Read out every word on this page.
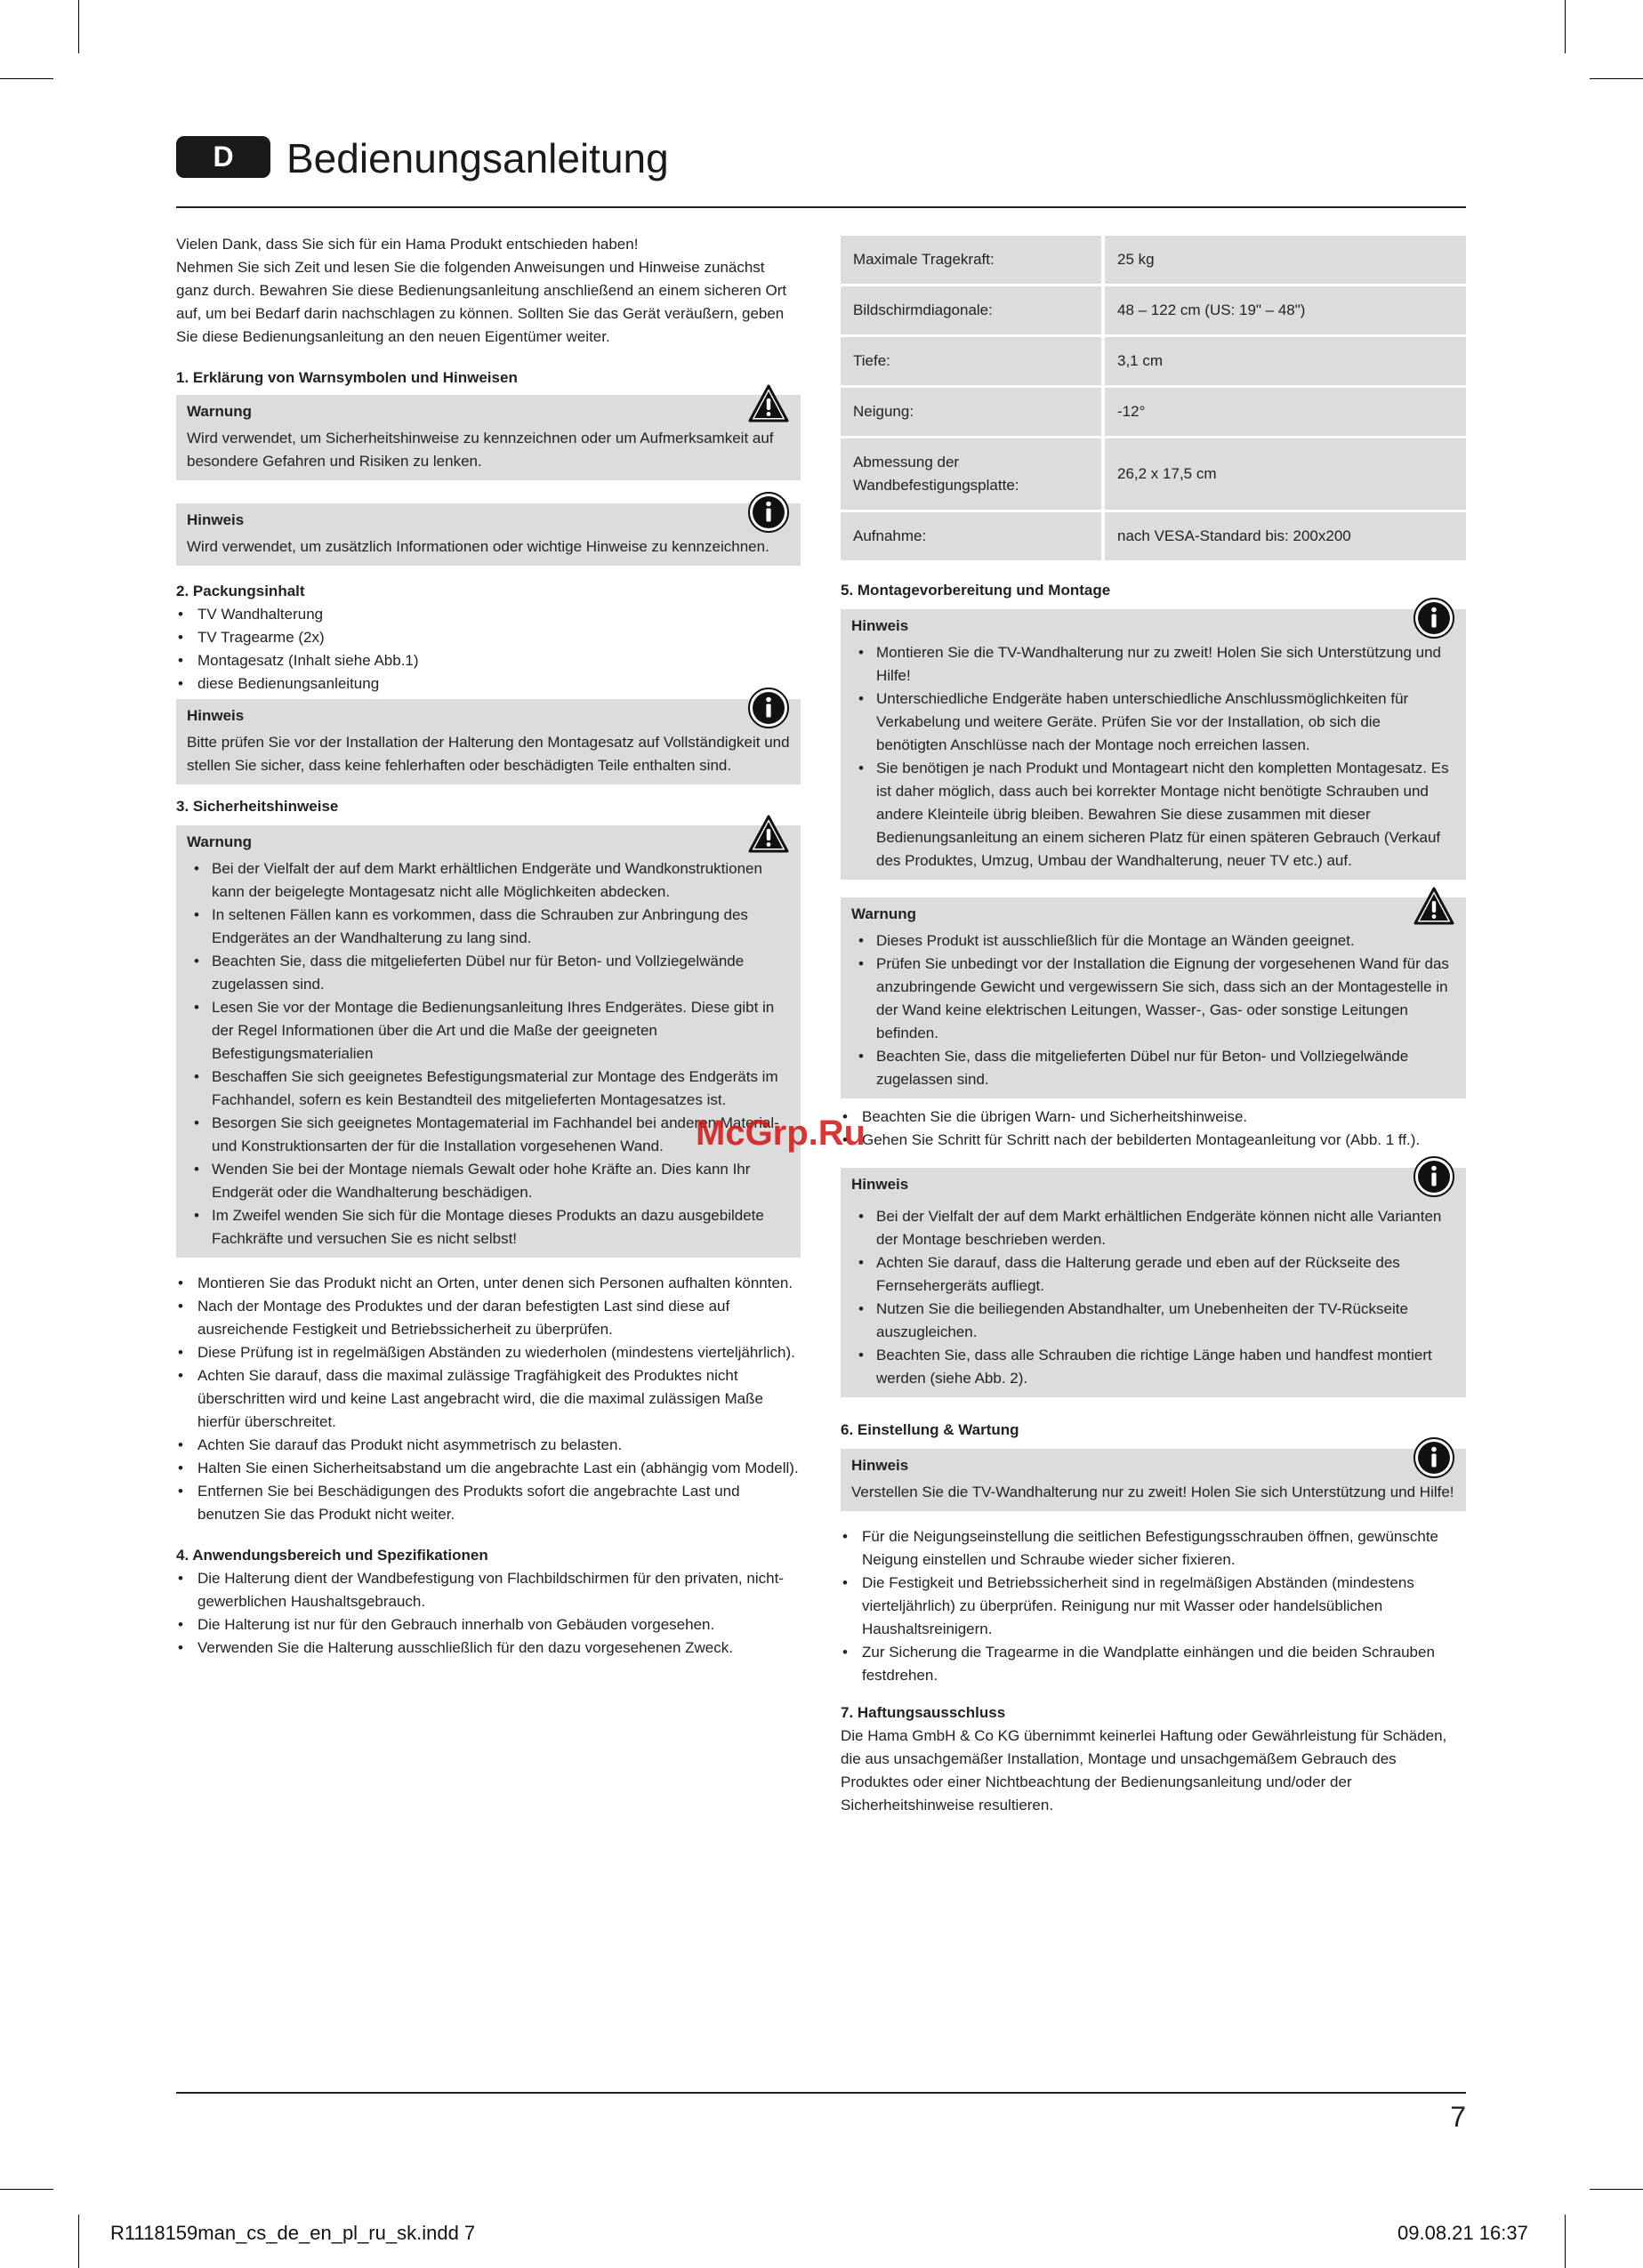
D	Bedienungsanleitung

Vielen Dank, dass Sie sich für ein Hama Produkt entschieden haben!

Nehmen Sie sich Zeit und lesen Sie die folgenden Anweisungen und Hinweise zunächst ganz durch. Bewahren Sie diese Bedienungsanleitung anschließend an einem sicheren Ort auf, um bei Bedarf darin nachschlagen zu können. Sollten Sie das Gerät veräußern, geben Sie diese Bedienungsanleitung an den neuen Eigentümer weiter.

1. Erklärung von Warnsymbolen und Hinweisen

Warnung

Wird verwendet, um Sicherheitshinweise zu kennzeichnen oder um Aufmerksamkeit auf besondere Gefahren und Risiken zu lenken.

Hinweis

Wird verwendet, um zusätzlich Informationen oder wichtige Hinweise zu kennzeichnen.

2. Packungsinhalt

• TV Wandhalterung
• TV Tragearme (2x)
• Montagesatz (Inhalt siehe Abb.1)
• diese Bedienungsanleitung

Hinweis

Bitte prüfen Sie vor der Installation der Halterung den Montagesatz auf Vollständigkeit und stellen Sie sicher, dass keine fehlerhaften oder beschädigten Teile enthalten sind.

3. Sicherheitshinweise

Warnung

• Bei der Vielfalt der auf dem Markt erhältlichen Endgeräte und Wandkonstruktionen kann der beigelegte Montagesatz nicht alle Möglichkeiten abdecken.
• In seltenen Fällen kann es vorkommen, dass die Schrauben zur Anbringung des Endgerätes an der Wandhalterung zu lang sind.
• Beachten Sie, dass die mitgelieferten Dübel nur für Beton- und Vollziegelwände zugelassen sind.
• Lesen Sie vor der Montage die Bedienungsanleitung Ihres Endgerätes. Diese gibt in der Regel Informationen über die Art und die Maße der geeigneten Befestigungsmaterialien
• Beschaffen Sie sich geeignetes Befestigungsmaterial zur Montage des Endgeräts im Fachhandel, sofern es kein Bestandteil des mitgelieferten Montagesatzes ist.
• Besorgen Sie sich geeignetes Montagematerial im Fachhandel bei anderen Material- und Konstruktionsarten der für die Installation vorgesehenen Wand.
• Wenden Sie bei der Montage niemals Gewalt oder hohe Kräfte an. Dies kann Ihr Endgerät oder die Wandhalterung beschädigen.
• Im Zweifel wenden Sie sich für die Montage dieses Produkts an dazu ausgebildete Fachkräfte und versuchen Sie es nicht selbst!
• Montieren Sie das Produkt nicht an Orten, unter denen sich Personen aufhalten könnten.
• Nach der Montage des Produktes und der daran befestigten Last sind diese auf ausreichende Festigkeit und Betriebssicherheit zu überprüfen.
• Diese Prüfung ist in regelmäßigen Abständen zu wiederholen (mindestens vierteljährlich).
• Achten Sie darauf, dass die maximal zulässige Tragfähigkeit des Produktes nicht überschritten wird und keine Last angebracht wird, die die maximal zulässigen Maße hierfür überschreitet.
• Achten Sie darauf das Produkt nicht asymmetrisch zu belasten.
• Halten Sie einen Sicherheitsabstand um die angebrachte Last ein (abhängig vom Modell).
• Entfernen Sie bei Beschädigungen des Produkts sofort die angebrachte Last und benutzen Sie das Produkt nicht weiter.

4. Anwendungsbereich und Spezifikationen

• Die Halterung dient der Wandbefestigung von Flachbildschirmen für den privaten, nicht-gewerblichen Haushaltsgebrauch.
• Die Halterung ist nur für den Gebrauch innerhalb von Gebäuden vorgesehen.
• Verwenden Sie die Halterung ausschließlich für den dazu vorgesehenen Zweck.
Maximale Tragekraft:	25 kg
Bildschirmdiagonale:	48 – 122 cm (US: 19" – 48")
Tiefe:	3,1 cm
Neigung:	-12°
Abmessung der Wandbefestigungsplatte:	26,2 x 17,5 cm
Aufnahme:	nach VESA-Standard bis: 200x200

5. Montagevorbereitung und Montage

Hinweis

• Montieren Sie die TV-Wandhalterung nur zu zweit! Holen Sie sich Unterstützung und Hilfe!
• Unterschiedliche Endgeräte haben unterschiedliche Anschlussmöglichkeiten für Verkabelung und weitere Geräte. Prüfen Sie vor der Installation, ob sich die benötigten Anschlüsse nach der Montage noch erreichen lassen.
• Sie benötigen je nach Produkt und Montageart nicht den kompletten Montagesatz. Es ist daher möglich, dass auch bei korrekter Montage nicht benötigte Schrauben und andere Kleinteile übrig bleiben. Bewahren Sie diese zusammen mit dieser Bedienungsanleitung an einem sicheren Platz für einen späteren Gebrauch (Verkauf des Produktes, Umzug, Umbau der Wandhalterung, neuer TV etc.) auf.

Warnung

• Dieses Produkt ist ausschließlich für die Montage an Wänden geeignet.
• Prüfen Sie unbedingt vor der Installation die Eignung der vorgesehenen Wand für das anzubringende Gewicht und vergewissern Sie sich, dass sich an der Montagestelle in der Wand keine elektrischen Leitungen, Wasser-, Gas- oder sonstige Leitungen befinden.
• Beachten Sie, dass die mitgelieferten Dübel nur für Beton- und Vollziegelwände zugelassen sind.
• Beachten Sie die übrigen Warn- und Sicherheitshinweise.
• Gehen Sie Schritt für Schritt nach der bebilderten Montageanleitung vor (Abb. 1 ff.).

Hinweis

• Bei der Vielfalt der auf dem Markt erhältlichen Endgeräte können nicht alle Varianten der Montage beschrieben werden.
• Achten Sie darauf, dass die Halterung gerade und eben auf der Rückseite des Fernsehergeräts aufliegt.
• Nutzen Sie die beiliegenden Abstandhalter, um Unebenheiten der TV-Rückseite auszugleichen.
• Beachten Sie, dass alle Schrauben die richtige Länge haben und handfest montiert werden (siehe Abb. 2).

6. Einstellung & Wartung

Hinweis

Verstellen Sie die TV-Wandhalterung nur zu zweit! Holen Sie sich Unterstützung und Hilfe!

• Für die Neigungseinstellung die seitlichen Befestigungsschrauben öffnen, gewünschte Neigung einstellen und Schraube wieder sicher fixieren.
• Die Festigkeit und Betriebssicherheit sind in regelmäßigen Abständen (mindestens vierteljährlich) zu überprüfen. Reinigung nur mit Wasser oder handelsüblichen Haushaltsreinigern.
• Zur Sicherung die Tragearme in die Wandplatte einhängen und die beiden Schrauben festdrehen.

7. Haftungsausschluss

Die Hama GmbH & Co KG übernimmt keinerlei Haftung oder Gewährleistung für Schäden, die aus unsachgemäßer Installation, Montage und unsachgemäßem Gebrauch des Produktes oder einer Nichtbeachtung der Bedienungsanleitung und/oder der Sicherheitshinweise resultieren.

McGrp.Ru
7
R1118159man_cs_de_en_pl_ru_sk.indd 7	09.08.21 16:37
